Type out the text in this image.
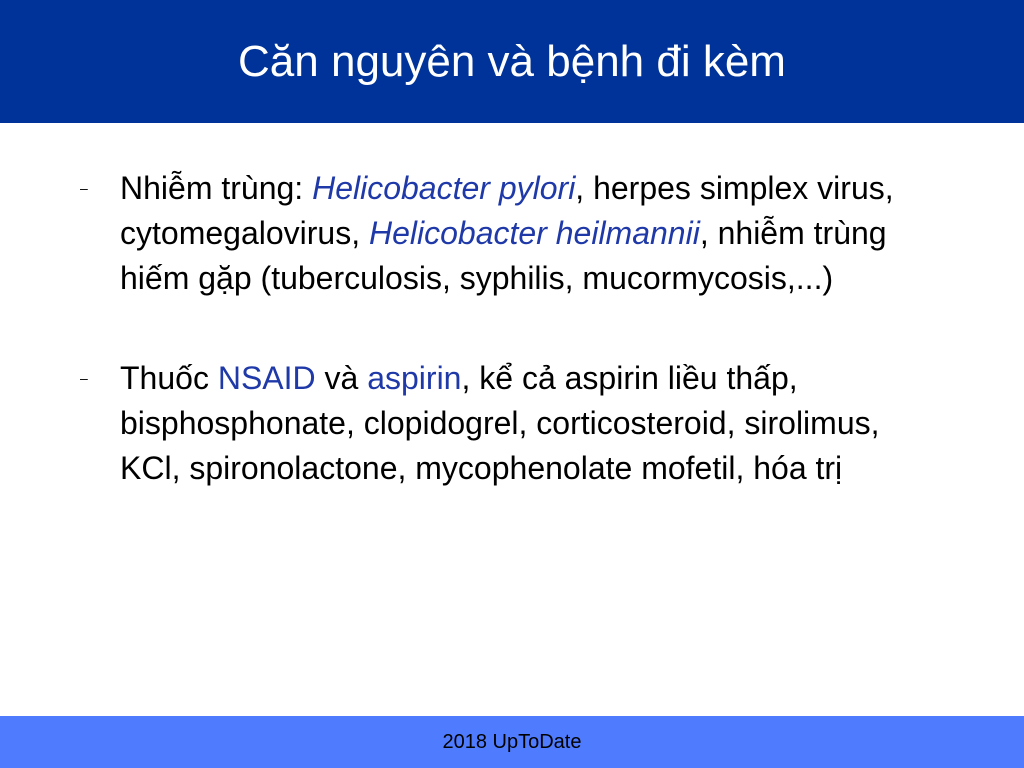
Căn nguyên và bệnh đi kèm
– Nhiễm trùng: Helicobacter pylori, herpes simplex virus, cytomegalovirus, Helicobacter heilmannii, nhiễm trùng hiếm gặp (tuberculosis, syphilis, mucormycosis,...)
– Thuốc NSAID và aspirin, kể cả aspirin liều thấp, bisphosphonate, clopidogrel, corticosteroid, sirolimus, KCl, spironolactone, mycophenolate mofetil, hóa trị
2018 UpToDate
